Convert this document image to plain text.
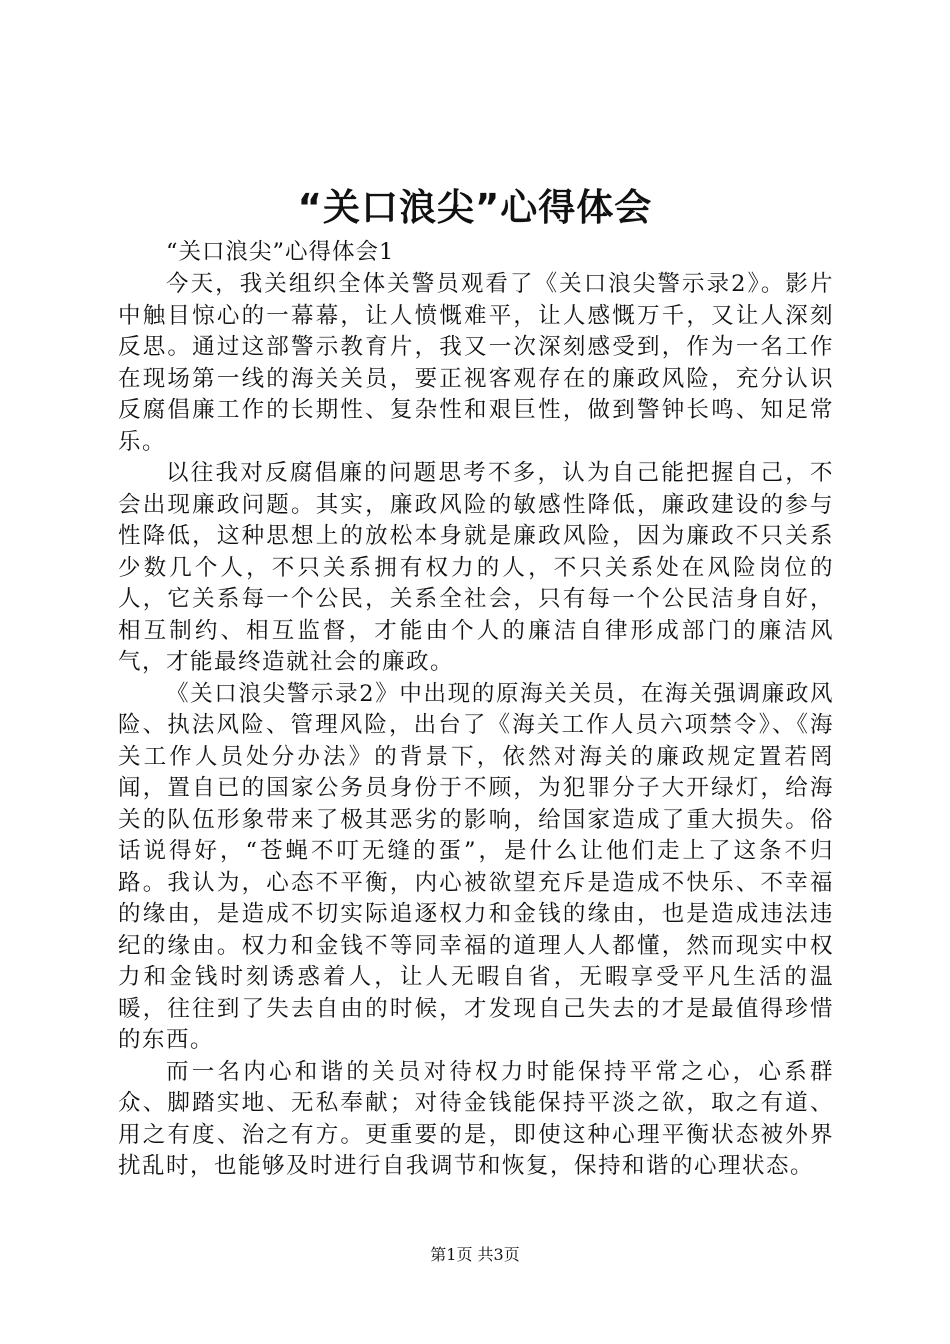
“关口浪尖”心得体会

“关口浪尖”心得体会1

今天，我关组织全体关警员观看了《关口浪尖警示录2》。影片中触目惊心的一幕幕，让人愤慨难平，让人感慨万千，又让人深刻反思。通过这部警示教育片，我又一次深刻感受到，作为一名工作在现场第一线的海关关员，要正视客观存在的廉政风险，充分认识反腐倡廉工作的长期性、复杂性和艰巨性，做到警钟长鸣、知足常乐。

以往我对反腐倡廉的问题思考不多，认为自己能把握自己，不会出现廉政问题。其实，廉政风险的敏感性降低，廉政建设的参与性降低，这种思想上的放松本身就是廉政风险，因为廉政不只关系少数几个人，不只关系拥有权力的人，不只关系处在风险岗位的人，它关系每一个公民，关系全社会，只有每一个公民洁身自好，相互制约、相互监督，才能由个人的廉洁自律形成部门的廉洁风气，才能最终造就社会的廉政。

《关口浪尖警示录2》中出现的原海关关员，在海关强调廉政风险、执法风险、管理风险，出台了《海关工作人员六项禁令》、《海关工作人员处分办法》的背景下，依然对海关的廉政规定置若罔闻，置自已的国家公务员身份于不顾，为犯罪分子大开绿灯，给海关的队伍形象带来了极其恶劣的影响，给国家造成了重大损失。俗话说得好，“苍蝇不叮无缝的蛋”，是什么让他们走上了这条不归路。我认为，心态不平衡，内心被欲望充斥是造成不快乐、不幸福的缘由，是造成不切实际追逐权力和金钱的缘由，也是造成违法违纪的缘由。权力和金钱不等同幸福的道理人人都懂，然而现实中权力和金钱时刻诱惑着人，让人无暇自省，无暇享受平凡生活的温暖，往往到了失去自由的时候，才发现自己失去的才是最值得珍惜的东西。

而一名内心和谐的关员对待权力时能保持平常之心，心系群众、脚踏实地、无私奉献；对待金钱能保持平淡之欲，取之有道、用之有度、治之有方。更重要的是，即使这种心理平衡状态被外界扰乱时，也能够及时进行自我调节和恢复，保持和谐的心理状态。

第1页 共3页
